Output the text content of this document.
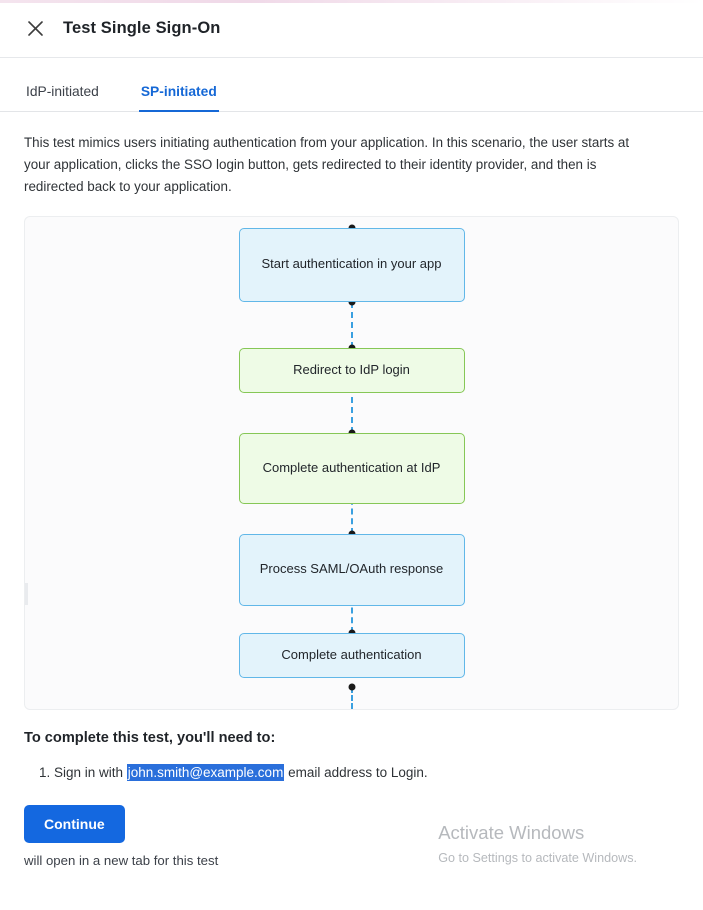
Test Single Sign-On
IdP-initiated	SP-initiated
This test mimics users initiating authentication from your application. In this scenario, the user starts at your application, clicks the SSO login button, gets redirected to their identity provider, and then is redirected back to your application.
Start authentication in your app
Redirect to IdP login
Complete authentication at IdP
Process SAML/OAuth response
Complete authentication
To complete this test, you'll need to:
1. Sign in with john.smith@example.com email address to Login.
Continue
will open in a new tab for this test
Activate Windows
Go to Settings to activate Windows.
